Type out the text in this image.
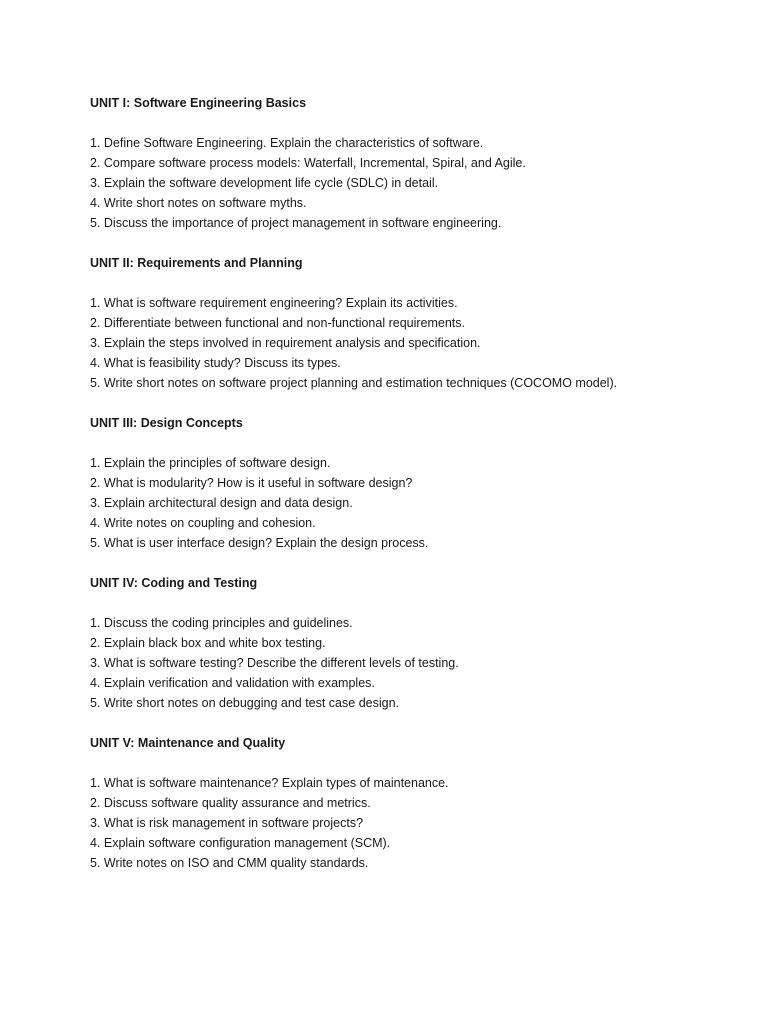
UNIT I: Software Engineering Basics
1. Define Software Engineering. Explain the characteristics of software.
2. Compare software process models: Waterfall, Incremental, Spiral, and Agile.
3. Explain the software development life cycle (SDLC) in detail.
4. Write short notes on software myths.
5. Discuss the importance of project management in software engineering.
UNIT II: Requirements and Planning
1. What is software requirement engineering? Explain its activities.
2. Differentiate between functional and non-functional requirements.
3. Explain the steps involved in requirement analysis and specification.
4. What is feasibility study? Discuss its types.
5. Write short notes on software project planning and estimation techniques (COCOMO model).
UNIT III: Design Concepts
1. Explain the principles of software design.
2. What is modularity? How is it useful in software design?
3. Explain architectural design and data design.
4. Write notes on coupling and cohesion.
5. What is user interface design? Explain the design process.
UNIT IV: Coding and Testing
1. Discuss the coding principles and guidelines.
2. Explain black box and white box testing.
3. What is software testing? Describe the different levels of testing.
4. Explain verification and validation with examples.
5. Write short notes on debugging and test case design.
UNIT V: Maintenance and Quality
1. What is software maintenance? Explain types of maintenance.
2. Discuss software quality assurance and metrics.
3. What is risk management in software projects?
4. Explain software configuration management (SCM).
5. Write notes on ISO and CMM quality standards.
